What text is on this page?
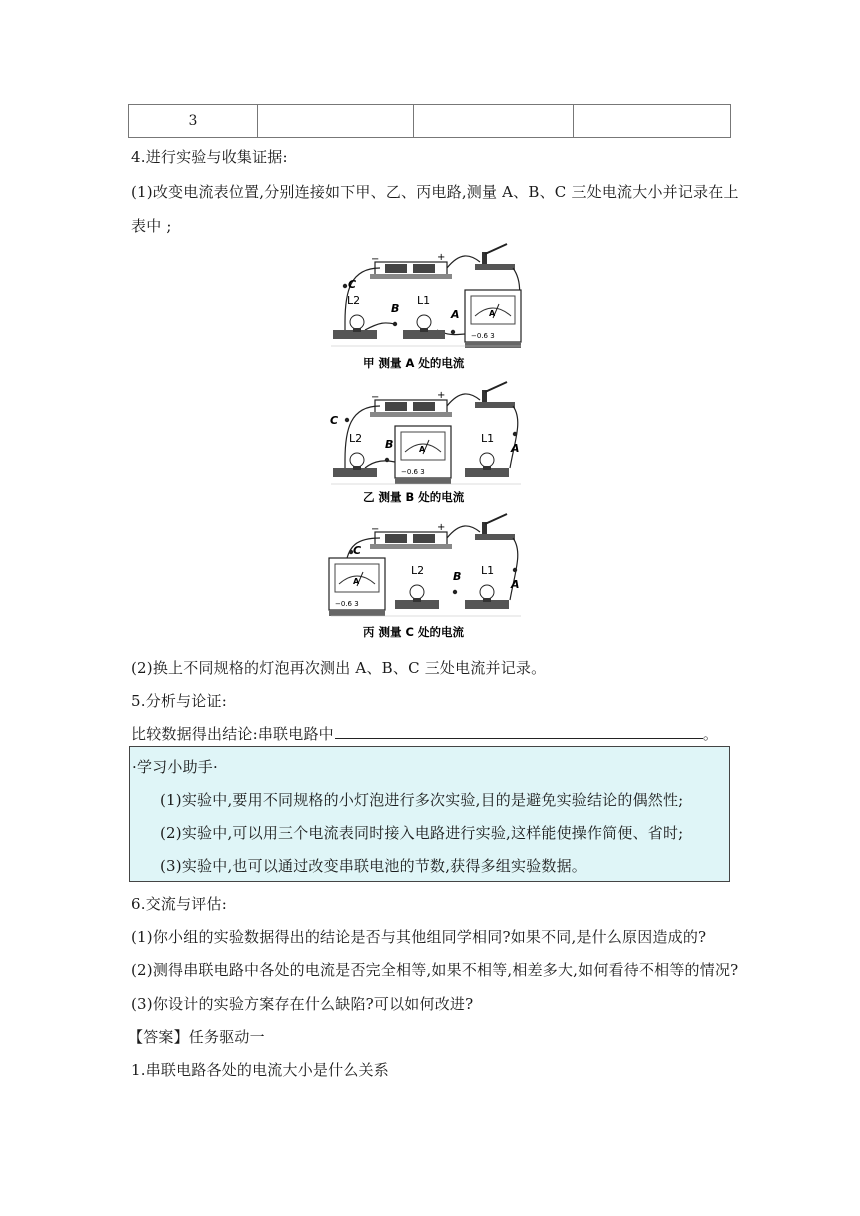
3			
4.进行实验与收集证据:
(1)改变电流表位置,分别连接如下甲、乙、丙电路,测量 A、B、C 三处电流大小并记录在上
表中 ;
−	+
C
B	A
L2	L1
A
−0.6 3
甲 测量 A 处的电流
−	+
C
B	A
L2
A
−0.6 3
L1
乙 测量 B 处的电流
−	+
C
B
A
A
−0.6 3
L2	L1
丙 测量 C 处的电流
(2)换上不同规格的灯泡再次测出 A、B、C 三处电流并记录。
5.分析与论证:
比较数据得出结论:串联电路中	。
·学习小助手·
(1)实验中,要用不同规格的小灯泡进行多次实验,目的是避免实验结论的偶然性;
(2)实验中,可以用三个电流表同时接入电路进行实验,这样能使操作简便、省时;
(3)实验中,也可以通过改变串联电池的节数,获得多组实验数据。
6.交流与评估:
(1)你小组的实验数据得出的结论是否与其他组同学相同?如果不同,是什么原因造成的?
(2)测得串联电路中各处的电流是否完全相等,如果不相等,相差多大,如何看待不相等的情况?
(3)你设计的实验方案存在什么缺陷?可以如何改进?
【答案】任务驱动一
1.串联电路各处的电流大小是什么关系
